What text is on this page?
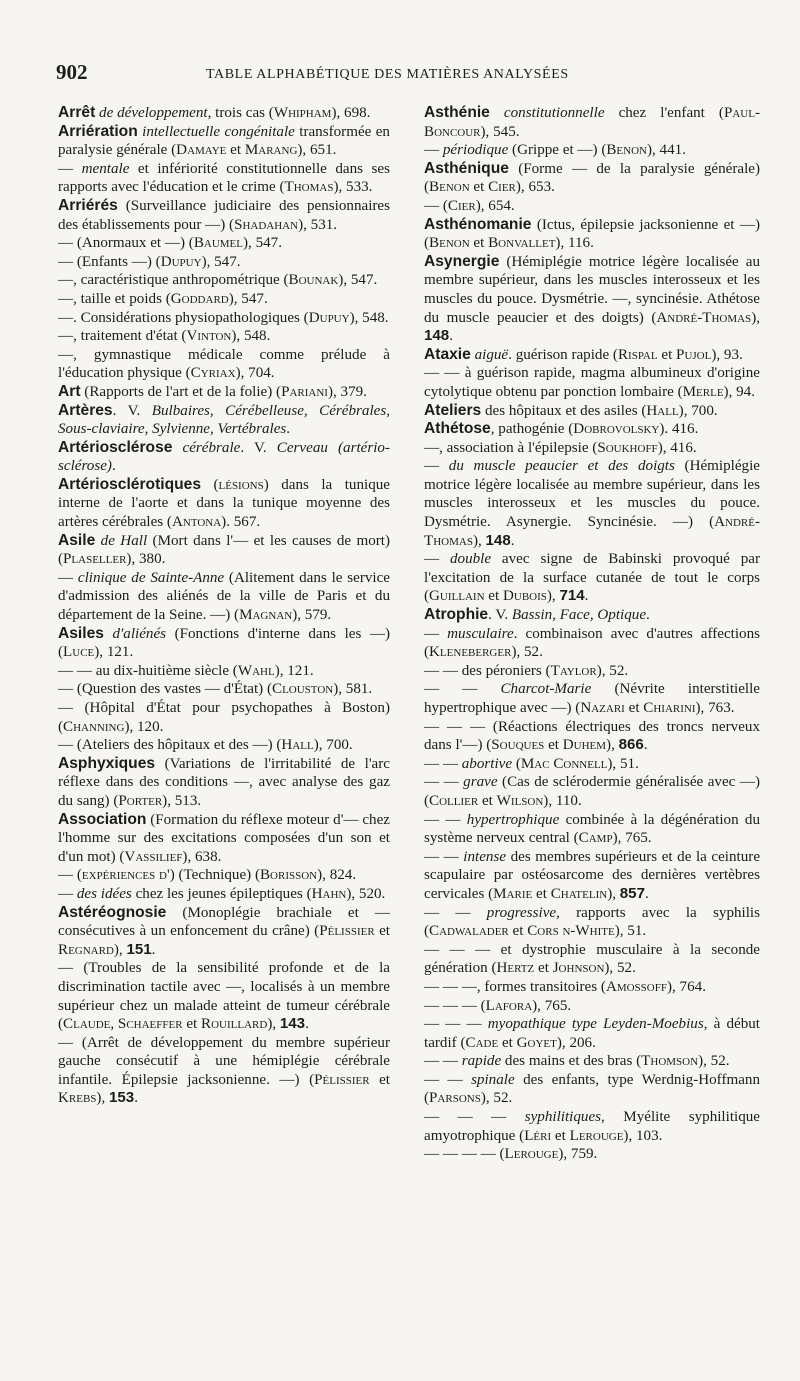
902	TABLE ALPHABÉTIQUE DES MATIÈRES ANALYSÉES

Arrêt de développement, trois cas (Whipham), 698.

Arriération intellectuelle congénitale transformée en paralysie générale (Damaye et Marang), 651.

— mentale et infériorité constitutionnelle dans ses rapports avec l'éducation et le crime (Thomas), 533.

Arriérés (Surveillance judiciaire des pensionnaires des établissements pour —) (Shadahan), 531.

— (Anormaux et —) (Baumel), 547.

— (Enfants —) (Dupuy), 547.

—, caractéristique anthropométrique (Bounak), 547.

—, taille et poids (Goddard), 547.

—. Considérations physiopathologiques (Dupuy), 548.

—, traitement d'état (Vinton), 548.

—, gymnastique médicale comme prélude à l'éducation physique (Cyriax), 704.

Art (Rapports de l'art et de la folie) (Pariani), 379.

Artères. V. Bulbaires, Cérébelleuse, Cérébrales, Sous-claviaire, Sylvienne, Vertébrales.

Artériosclérose cérébrale. V. Cerveau (artério-sclérose).

Artériosclérotiques (lésions) dans la tunique interne de l'aorte et dans la tunique moyenne des artères cérébrales (Antona). 567.

Asile de Hall (Mort dans l'— et les causes de mort) (Plaseller), 380.

— clinique de Sainte-Anne (Alitement dans le service d'admission des aliénés de la ville de Paris et du département de la Seine. —) (Magnan), 579.

Asiles d'aliénés (Fonctions d'interne dans les —) (Luce), 121.

— — au dix-huitième siècle (Wahl), 121.

— (Question des vastes — d'État) (Clouston), 581.

— (Hôpital d'État pour psychopathes à Boston) (Channing), 120.

— (Ateliers des hôpitaux et des —) (Hall), 700.

Asphyxiques (Variations de l'irritabilité de l'arc réflexe dans des conditions —, avec analyse des gaz du sang) (Porter), 513.

Association (Formation du réflexe moteur d'— chez l'homme sur des excitations composées d'un son et d'un mot) (Vassilief), 638.

— (expériences d') (Technique) (Borisson), 824.

— des idées chez les jeunes épileptiques (Hahn), 520.

Astéréognosie (Monoplégie brachiale et — consécutives à un enfoncement du crâne) (Pélissier et Regnard), 151.

— (Troubles de la sensibilité profonde et de la discrimination tactile avec —, localisés à un membre supérieur chez un malade atteint de tumeur cérébrale (Claude, Schaeffer et Rouillard), 143.

— (Arrêt de développement du membre supérieur gauche consécutif à une hémiplégie cérébrale infantile. Épilepsie jacksonienne. —) (Pélissier et Krebs), 153.

Asthénie constitutionnelle chez l'enfant (Paul-Boncour), 545.

— périodique (Grippe et —) (Benon), 441.

Asthénique (Forme — de la paralysie générale) (Benon et Cier), 653.

— (Cier), 654.

Asthénomanie (Ictus, épilepsie jacksonienne et —) (Benon et Bonvallet), 116.

Asynergie (Hémiplégie motrice légère localisée au membre supérieur, dans les muscles interosseux et les muscles du pouce. Dysmétrie. —, syncinésie. Athétose du muscle peaucier et des doigts) (André-Thomas), 148.

Ataxie aiguë. guérison rapide (Rispal et Pujol), 93.

— — à guérison rapide, magma albumineux d'origine cytolytique obtenu par ponction lombaire (Merle), 94.

Ateliers des hôpitaux et des asiles (Hall), 700.

Athétose, pathogénie (Dobrovolsky). 416.

—, association à l'épilepsie (Soukhoff), 416.

— du muscle peaucier et des doigts (Hémiplégie motrice légère localisée au membre supérieur, dans les muscles interosseux et les muscles du pouce. Dysmétrie. Asynergie. Syncinésie. —) (André-Thomas), 148.

— double avec signe de Babinski provoqué par l'excitation de la surface cutanée de tout le corps (Guillain et Dubois), 714.

Atrophie. V. Bassin, Face, Optique.

— musculaire. combinaison avec d'autres affections (Kleneberger), 52.

— — des péroniers (Taylor), 52.

— — Charcot-Marie (Névrite interstitielle hypertrophique avec —) (Nazari et Chiarini), 763.

— — — (Réactions électriques des troncs nerveux dans l'—) (Souques et Duhem), 866.

— — abortive (Mac Connell), 51.

— — grave (Cas de sclérodermie généralisée avec —) (Collier et Wilson), 110.

— — hypertrophique combinée à la dégénération du système nerveux central (Camp), 765.

— — intense des membres supérieurs et de la ceinture scapulaire par ostéosarcome des dernières vertèbres cervicales (Marie et Chatelin), 857.

— — progressive, rapports avec la syphilis (Cadwalader et Cors n-White), 51.

— — — et dystrophie musculaire à la seconde génération (Hertz et Johnson), 52.

— — —, formes transitoires (Amossoff), 764.

— — — (Lafora), 765.

— — — myopathique type Leyden-Moebius, à début tardif (Cade et Goyet), 206.

— — rapide des mains et des bras (Thomson), 52.

— — spinale des enfants, type Werdnig-Hoffmann (Parsons), 52.

— — — syphilitiques, Myélite syphilitique amyotrophique (Léri et Lerouge), 103.

— — — — (Lerouge), 759.
